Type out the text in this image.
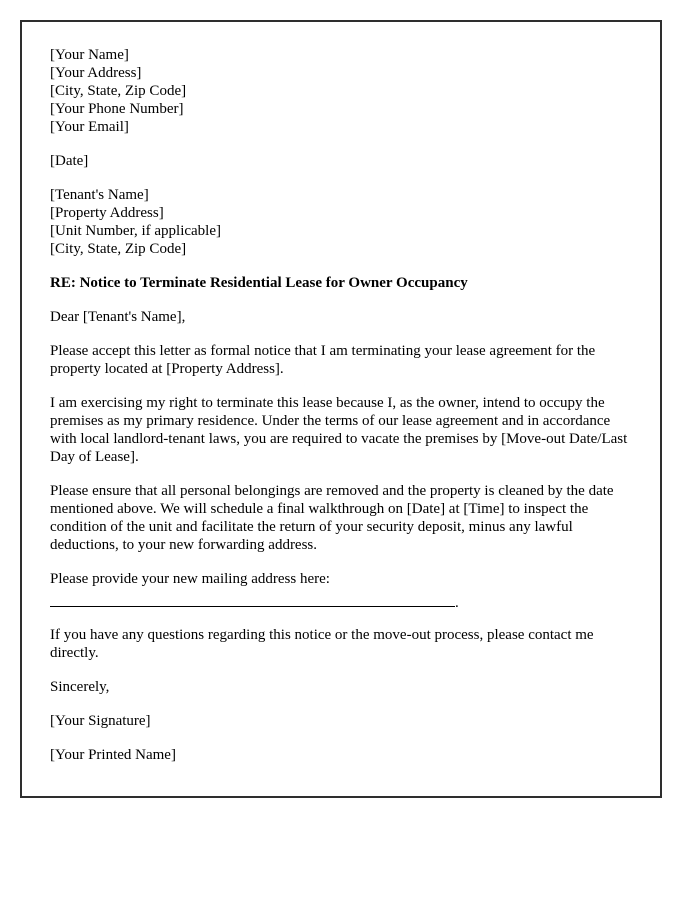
[Your Name]
[Your Address]
[City, State, Zip Code]
[Your Phone Number]
[Your Email]
[Date]
[Tenant's Name]
[Property Address]
[Unit Number, if applicable]
[City, State, Zip Code]
RE: Notice to Terminate Residential Lease for Owner Occupancy
Dear [Tenant's Name],
Please accept this letter as formal notice that I am terminating your lease agreement for the property located at [Property Address].
I am exercising my right to terminate this lease because I, as the owner, intend to occupy the premises as my primary residence. Under the terms of our lease agreement and in accordance with local landlord-tenant laws, you are required to vacate the premises by [Move-out Date/Last Day of Lease].
Please ensure that all personal belongings are removed and the property is cleaned by the date mentioned above. We will schedule a final walkthrough on [Date] at [Time] to inspect the condition of the unit and facilitate the return of your security deposit, minus any lawful deductions, to your new forwarding address.
Please provide your new mailing address here:
.
If you have any questions regarding this notice or the move-out process, please contact me directly.
Sincerely,
[Your Signature]
[Your Printed Name]
